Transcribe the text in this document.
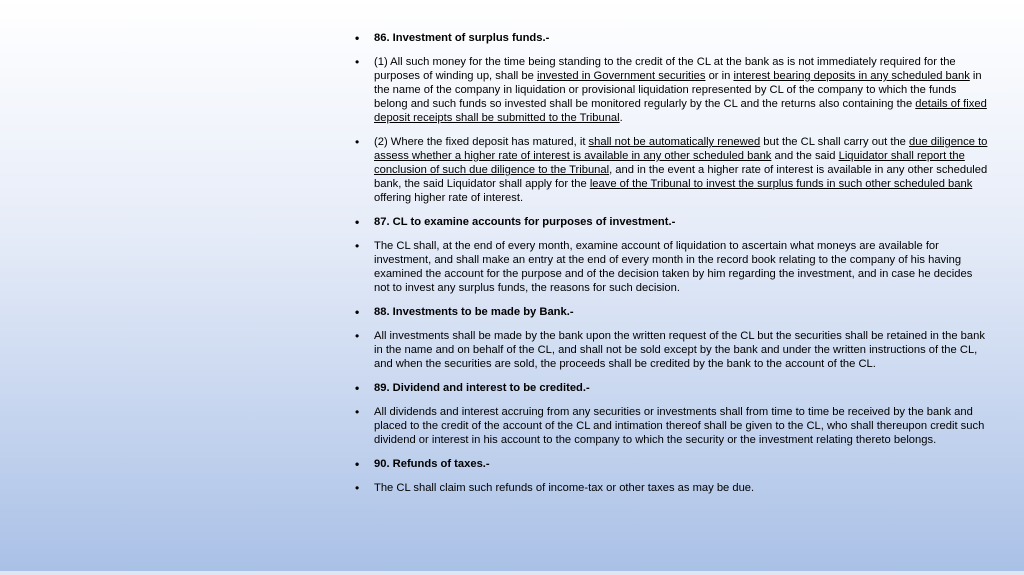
• 86. Investment of surplus funds.-
• (1) All such money for the time being standing to the credit of the CL at the bank as is not immediately required for the purposes of winding up, shall be invested in Government securities or in interest bearing deposits in any scheduled bank in the name of the company in liquidation or provisional liquidation represented by CL of the company to which the funds belong and such funds so invested shall be monitored regularly by the CL and the returns also containing the details of fixed deposit receipts shall be submitted to the Tribunal.
• (2) Where the fixed deposit has matured, it shall not be automatically renewed but the CL shall carry out the due diligence to assess whether a higher rate of interest is available in any other scheduled bank and the said Liquidator shall report the conclusion of such due diligence to the Tribunal, and in the event a higher rate of interest is available in any other scheduled bank, the said Liquidator shall apply for the leave of the Tribunal to invest the surplus funds in such other scheduled bank offering higher rate of interest.
• 87. CL to examine accounts for purposes of investment.-
• The CL shall, at the end of every month, examine account of liquidation to ascertain what moneys are available for investment, and shall make an entry at the end of every month in the record book relating to the company of his having examined the account for the purpose and of the decision taken by him regarding the investment, and in case he decides not to invest any surplus funds, the reasons for such decision.
• 88. Investments to be made by Bank.-
• All investments shall be made by the bank upon the written request of the CL but the securities shall be retained in the bank in the name and on behalf of the CL, and shall not be sold except by the bank and under the written instructions of the CL, and when the securities are sold, the proceeds shall be credited by the bank to the account of the CL.
• 89. Dividend and interest to be credited.-
• All dividends and interest accruing from any securities or investments shall from time to time be received by the bank and placed to the credit of the account of the CL and intimation thereof shall be given to the CL, who shall thereupon credit such dividend or interest in his account to the company to which the security or the investment relating thereto belongs.
• 90. Refunds of taxes.-
• The CL shall claim such refunds of income-tax or other taxes as may be due.
